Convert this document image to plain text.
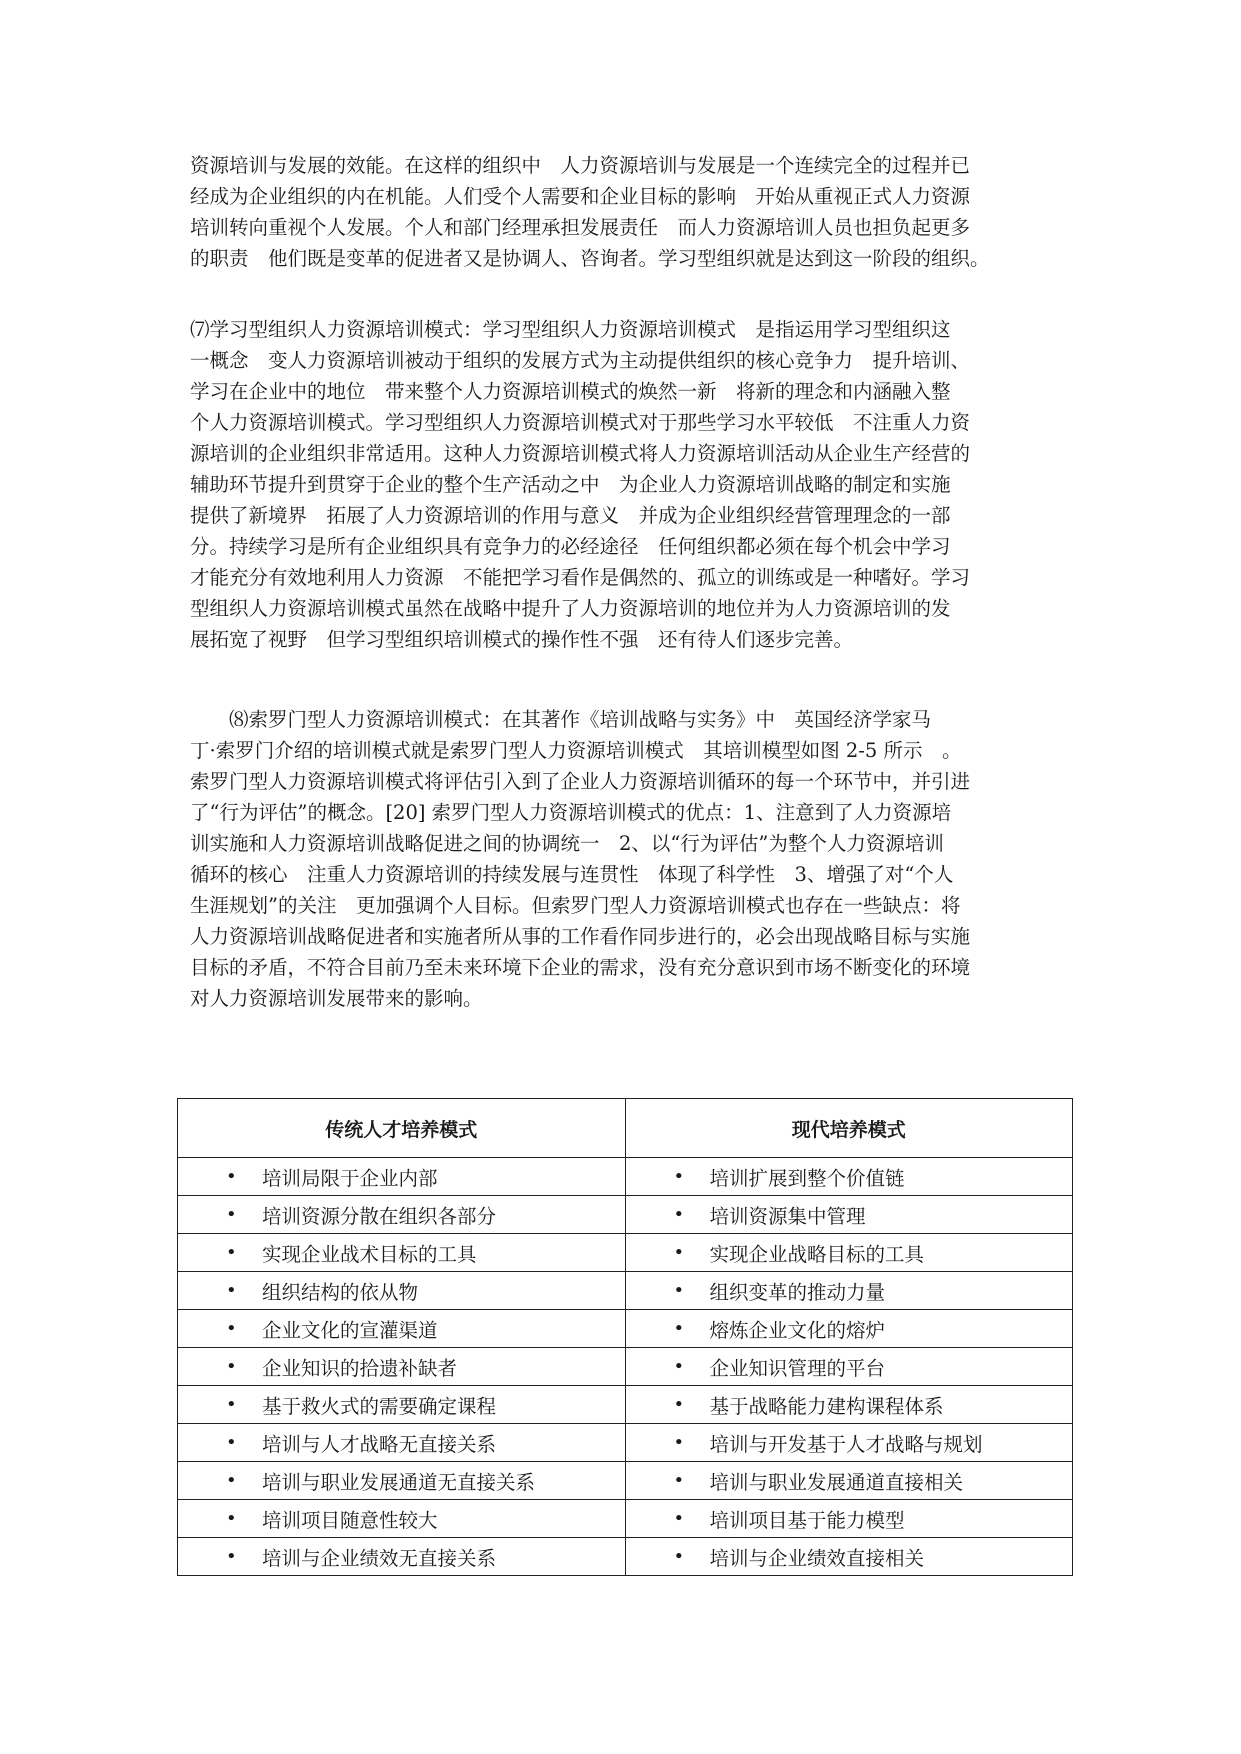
资源培训与发展的效能。在这样的组织中　人力资源培训与发展是一个连续完全的过程并已
经成为企业组织的内在机能。人们受个人需要和企业目标的影响　开始从重视正式人力资源
培训转向重视个人发展。个人和部门经理承担发展责任　而人力资源培训人员也担负起更多
的职责　他们既是变革的促进者又是协调人、咨询者。学习型组织就是达到这一阶段的组织。
⑺学习型组织人力资源培训模式：学习型组织人力资源培训模式　是指运用学习型组织这
一概念　变人力资源培训被动于组织的发展方式为主动提供组织的核心竞争力　提升培训、
学习在企业中的地位　带来整个人力资源培训模式的焕然一新　将新的理念和内涵融入整
个人力资源培训模式。学习型组织人力资源培训模式对于那些学习水平较低　不注重人力资
源培训的企业组织非常适用。这种人力资源培训模式将人力资源培训活动从企业生产经营的
辅助环节提升到贯穿于企业的整个生产活动之中　为企业人力资源培训战略的制定和实施
提供了新境界　拓展了人力资源培训的作用与意义　并成为企业组织经营管理理念的一部
分。持续学习是所有企业组织具有竞争力的必经途径　任何组织都必须在每个机会中学习
才能充分有效地利用人力资源　不能把学习看作是偶然的、孤立的训练或是一种嗜好。学习
型组织人力资源培训模式虽然在战略中提升了人力资源培训的地位并为人力资源培训的发
展拓宽了视野　但学习型组织培训模式的操作性不强　还有待人们逐步完善。
　　⑻索罗门型人力资源培训模式：在其著作《培训战略与实务》中　英国经济学家马
丁·索罗门介绍的培训模式就是索罗门型人力资源培训模式　其培训模型如图 2-5 所示　。
索罗门型人力资源培训模式将评估引入到了企业人力资源培训循环的每一个环节中，并引进
了“行为评估”的概念。[20] 索罗门型人力资源培训模式的优点：1、注意到了人力资源培
训实施和人力资源培训战略促进之间的协调统一　2、以“行为评估”为整个人力资源培训
循环的核心　注重人力资源培训的持续发展与连贯性　体现了科学性　3、增强了对“个人
生涯规划”的关注　更加强调个人目标。但索罗门型人力资源培训模式也存在一些缺点：将
人力资源培训战略促进者和实施者所从事的工作看作同步进行的，必会出现战略目标与实施
目标的矛盾，不符合目前乃至未来环境下企业的需求，没有充分意识到市场不断变化的环境
对人力资源培训发展带来的影响。
传统人才培养模式	现代培养模式

• 培训局限于企业内部	• 培训扩展到整个价值链

• 培训资源分散在组织各部分	• 培训资源集中管理

• 实现企业战术目标的工具	• 实现企业战略目标的工具

• 组织结构的依从物	• 组织变革的推动力量

• 企业文化的宣灌渠道	• 熔炼企业文化的熔炉

• 企业知识的拾遗补缺者	• 企业知识管理的平台

• 基于救火式的需要确定课程	• 基于战略能力建构课程体系

• 培训与人才战略无直接关系	• 培训与开发基于人才战略与规划

• 培训与职业发展通道无直接关系	• 培训与职业发展通道直接相关

• 培训项目随意性较大	• 培训项目基于能力模型

• 培训与企业绩效无直接关系	• 培训与企业绩效直接相关
